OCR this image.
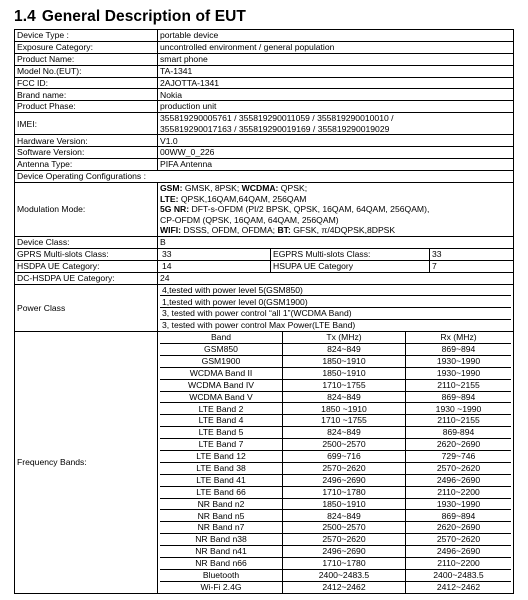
1.4 General Description of EUT
Device Type :	portable device
Exposure Category:	uncontrolled environment / general population
Product Name:	smart phone
Model No.(EUT):	TA-1341
FCC ID:	2AJOTTA-1341
Brand name:	Nokia
Product Phase:	production unit
IMEI:	
355819290005761 / 355819290011059 / 355819290010010 /
355819290017163 / 355819290019169 / 355819290019029

Hardware Version:	V1.0
Software Version:	00WW_0_226
Antenna Type:	PIFA Antenna
Device Operating Configurations :
Modulation Mode:	
GSM: GMSK, 8PSK; WCDMA: QPSK;
LTE: QPSK,16QAM,64QAM, 256QAM
5G NR: DFT-s-OFDM (PI/2 BPSK, QPSK, 16QAM, 64QAM, 256QAM),
CP-OFDM (QPSK, 16QAM, 64QAM, 256QAM)
WIFI: DSSS, OFDM, OFDMA; BT: GFSK, π/4DQPSK,8DPSK

Device Class:	B
GPRS Multi-slots Class:		33	EGPRS Multi-slots Class:	33

HSDPA UE Category:		14	HSUPA UE Category	7

DC-HSDPA UE Category:	24
Power Class	
4,tested with power level 5(GSM850)
1,tested with power level 0(GSM1900)
3, tested with power control “all 1”(WCDMA Band)
3, tested with power control Max Power(LTE Band)

Frequency Bands:	
Band	Tx (MHz)	Rx (MHz)
GSM850	824~849	869~894
GSM1900	1850~1910	1930~1990
WCDMA Band II	1850~1910	1930~1990
WCDMA Band IV	1710~1755	2110~2155
WCDMA Band V	824~849	869~894
LTE Band 2	1850 ~1910	1930 ~1990
LTE Band 4	1710 ~1755	2110~2155
LTE Band 5	824~849	869-894
LTE Band 7	2500~2570	2620~2690
LTE Band 12	699~716	729~746
LTE Band 38	2570~2620	2570~2620
LTE Band 41	2496~2690	2496~2690
LTE Band 66	1710~1780	2110~2200
NR Band n2	1850~1910	1930~1990
NR Band n5	824~849	869~894
NR Band n7	2500~2570	2620~2690
NR Band n38	2570~2620	2570~2620
NR Band n41	2496~2690	2496~2690
NR Band n66	1710~1780	2110~2200
Bluetooth	2400~2483.5	2400~2483.5
Wi-Fi 2.4G	2412~2462	2412~2462
